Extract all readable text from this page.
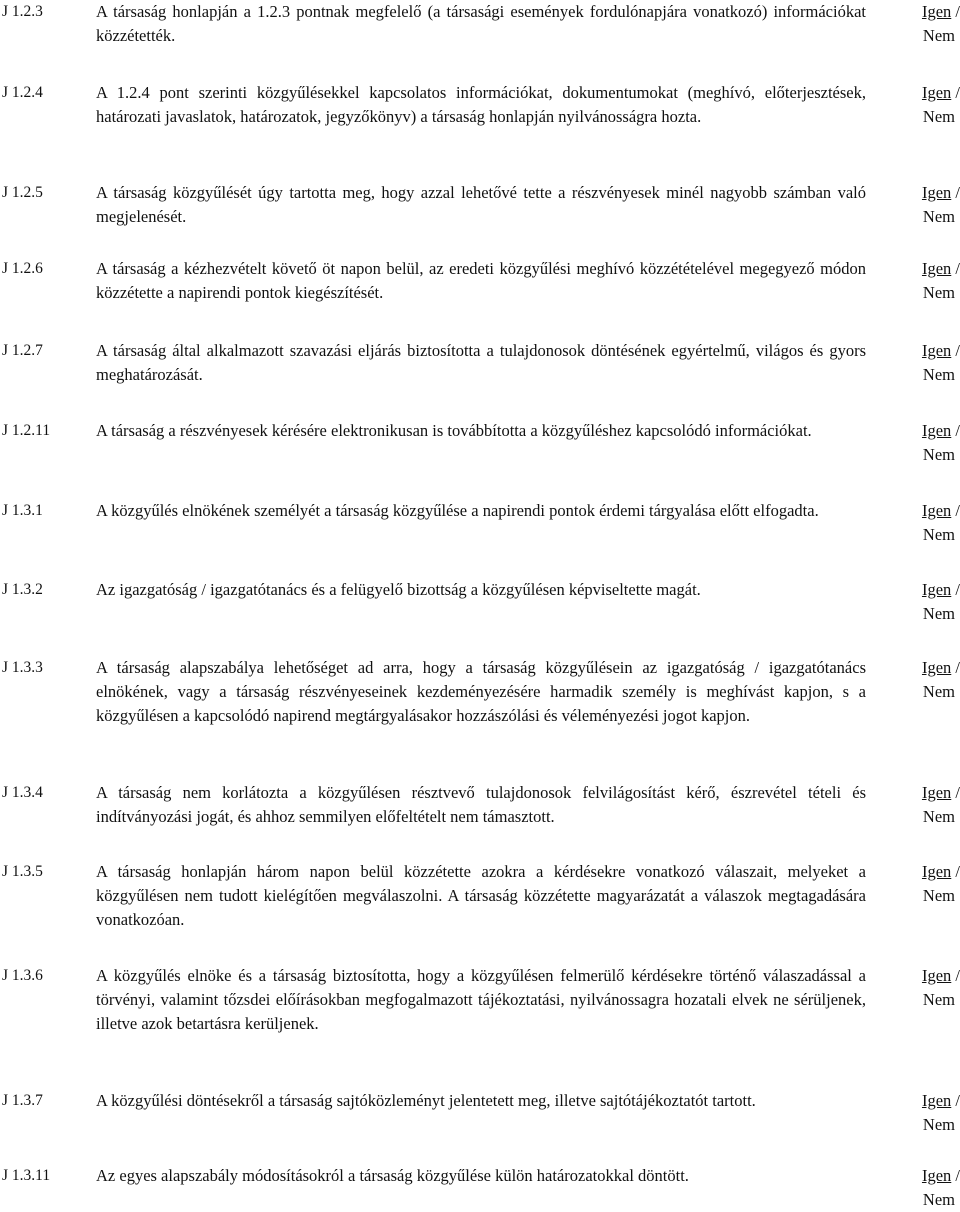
J 1.2.3	A társaság honlapján a 1.2.3 pontnak megfelelő (a társasági események fordulónapjára vonatkozó) információkat közzétették.
Igen /
Nem
J 1.2.4	A 1.2.4 pont szerinti közgyűlésekkel kapcsolatos információkat, dokumentumokat (meghívó, előterjesztések, határozati javaslatok, határozatok, jegyzőkönyv) a társaság honlapján nyilvánosságra hozta.
Igen /
Nem
J 1.2.5	A társaság közgyűlését úgy tartotta meg, hogy azzal lehetővé tette a részvényesek minél nagyobb számban való megjelenését.
Igen /
Nem
J 1.2.6	A társaság a kézhezvételt követő öt napon belül, az eredeti közgyűlési meghívó közzétételével megegyező módon közzétette a napirendi pontok kiegészítését.
Igen /
Nem
J 1.2.7	A társaság által alkalmazott szavazási eljárás biztosította a tulajdonosok döntésének egyértelmű, világos és gyors meghatározását.
Igen /
Nem
J 1.2.11	A társaság a részvényesek kérésére elektronikusan is továbbította a közgyűléshez kapcsolódó információkat.	Igen /
Nem
J 1.3.1	A közgyűlés elnökének személyét a társaság közgyűlése a napirendi pontok érdemi tárgyalása előtt elfogadta.	Igen /
Nem
J 1.3.2	Az igazgatóság / igazgatótanács és a felügyelő bizottság a közgyűlésen képviseltette magát.	Igen /
Nem
J 1.3.3	A társaság alapszabálya lehetőséget ad arra, hogy a társaság közgyűlésein az igazgatóság / igazgatótanács elnökének, vagy a társaság részvényeseinek kezdeményezésére harmadik személy is meghívást kapjon, s a közgyűlésen a kapcsolódó napirend megtárgyalásakor hozzászólási és véleményezési jogot kapjon.
Igen /
Nem
J 1.3.4	A társaság nem korlátozta a közgyűlésen résztvevő tulajdonosok felvilágosítást kérő, észrevétel tételi és indítványozási jogát, és ahhoz semmilyen előfeltételt nem támasztott.
Igen /
Nem
J 1.3.5	A társaság honlapján három napon belül közzétette azokra a kérdésekre vonatkozó válaszait, melyeket a közgyűlésen nem tudott kielégítően megválaszolni. A társaság közzétette magyarázatát a válaszok megtagadására vonatkozóan.
Igen /
Nem
J 1.3.6	A közgyűlés elnöke és a társaság biztosította, hogy a közgyűlésen felmerülő kérdésekre történő válaszadással a törvényi, valamint tőzsdei előírásokban megfogalmazott tájékoztatási, nyilvánossagra hozatali elvek ne sérüljenek, illetve azok betartásra kerüljenek.
Igen /
Nem
J 1.3.7	A közgyűlési döntésekről a társaság sajtóközleményt jelentetett meg, illetve sajtótájékoztatót tartott.	Igen /
Nem
J 1.3.11	Az egyes alapszabály módosításokról a társaság közgyűlése külön határozatokkal döntött.	Igen /
Nem
